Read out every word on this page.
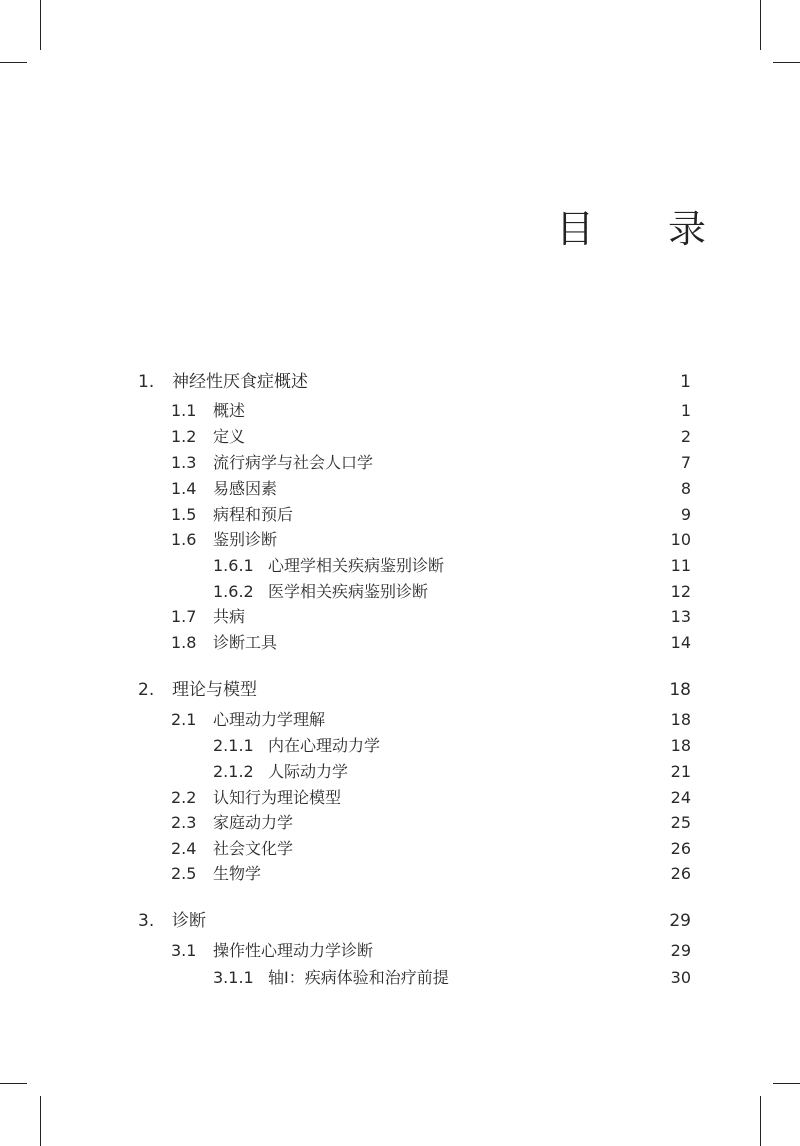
目 录
1. 神经性厌食症概述	1
1.1 概述	1
1.2 定义	2
1.3 流行病学与社会人口学	7
1.4 易感因素	8
1.5 病程和预后	9
1.6 鉴别诊断	10
1.6.1 心理学相关疾病鉴别诊断	11
1.6.2 医学相关疾病鉴别诊断	12
1.7 共病	13
1.8 诊断工具	14
2. 理论与模型	18
2.1 心理动力学理解	18
2.1.1 内在心理动力学	18
2.1.2 人际动力学	21
2.2 认知行为理论模型	24
2.3 家庭动力学	25
2.4 社会文化学	26
2.5 生物学	26
3. 诊断	29
3.1 操作性心理动力学诊断	29
3.1.1 轴Ⅰ：疾病体验和治疗前提	30
